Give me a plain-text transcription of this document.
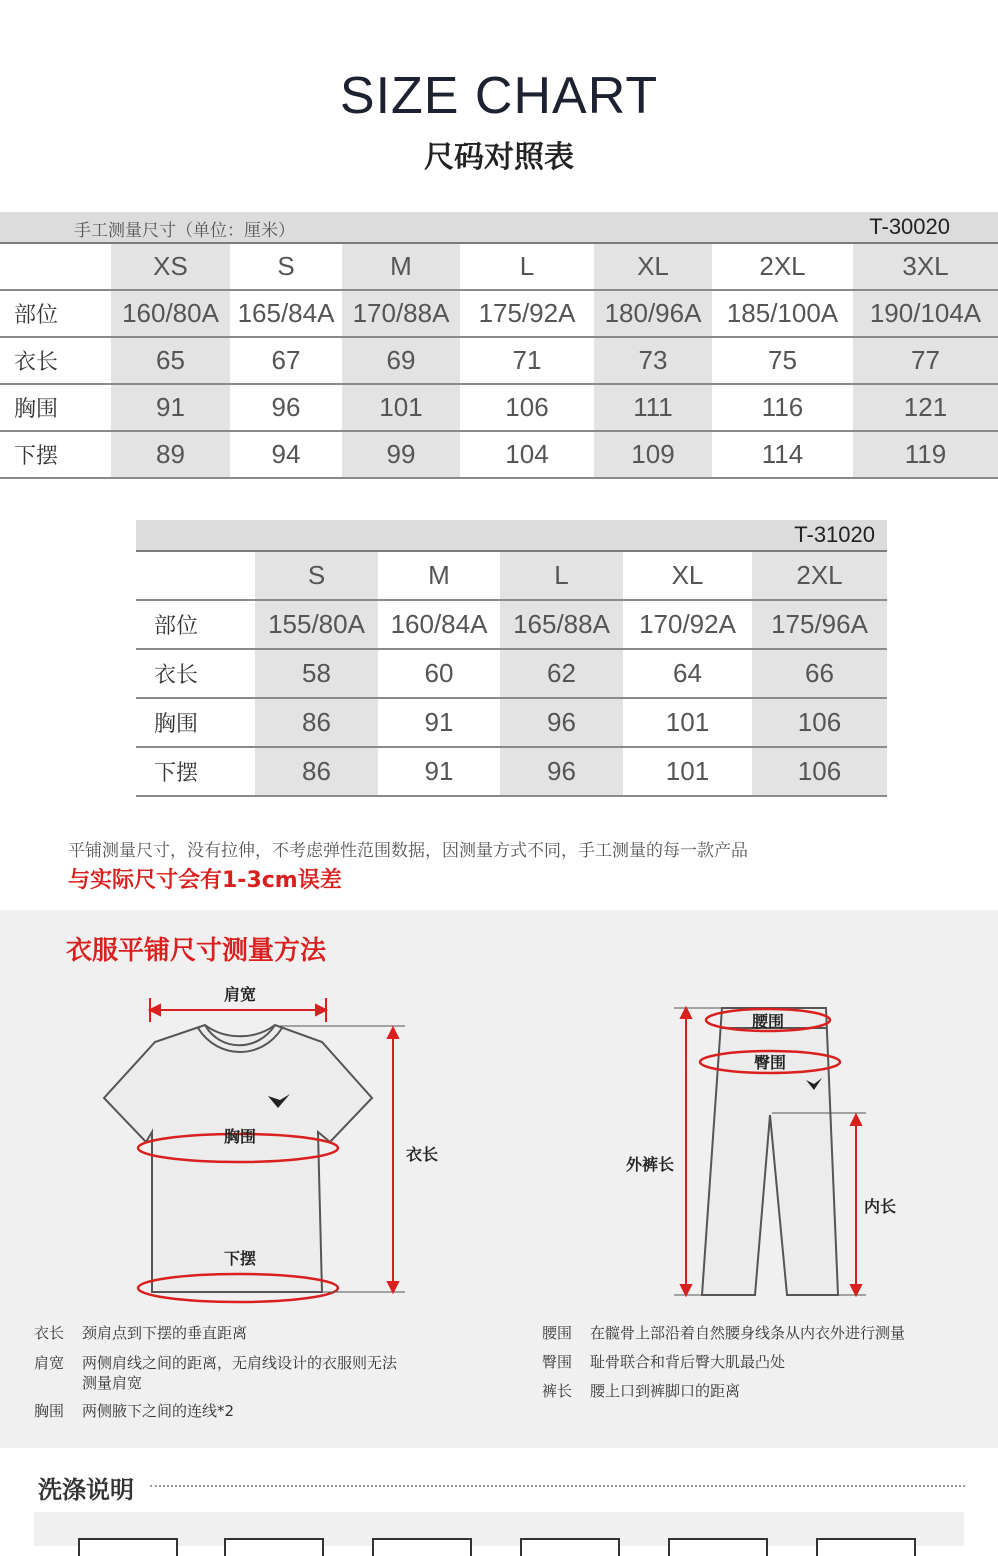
SIZE CHART
尺码对照表
手工测量尺寸（单位：厘米）	T-30020
	XS	S	M	L	XL	2XL	3XL
部位	160/80A	165/84A	170/88A	175/92A	180/96A	185/100A	190/104A
衣长	65	67	69	71	73	75	77
胸围	91	96	101	106	111	116	121
下摆	89	94	99	104	109	114	119
T-31020
	S	M	L	XL	2XL
部位	155/80A	160/84A	165/88A	170/92A	175/96A
衣长	58	60	62	64	66
胸围	86	91	96	101	106
下摆	86	91	96	101	106
平铺测量尺寸，没有拉伸，不考虑弹性范围数据，因测量方式不同，手工测量的每一款产品
与实际尺寸会有1-3cm误差
衣服平铺尺寸测量方法
肩宽
胸围
下摆
衣长
腰围
臀围
外裤长
内长
衣长 颈肩点到下摆的垂直距离
肩宽 两侧肩线之间的距离，无肩线设计的衣服则无法
测量肩宽
胸围 两侧腋下之间的连线*2
腰围 在髋骨上部沿着自然腰身线条从内衣外进行测量
臀围 耻骨联合和背后臀大肌最凸处
裤长 腰上口到裤脚口的距离
洗涤说明
